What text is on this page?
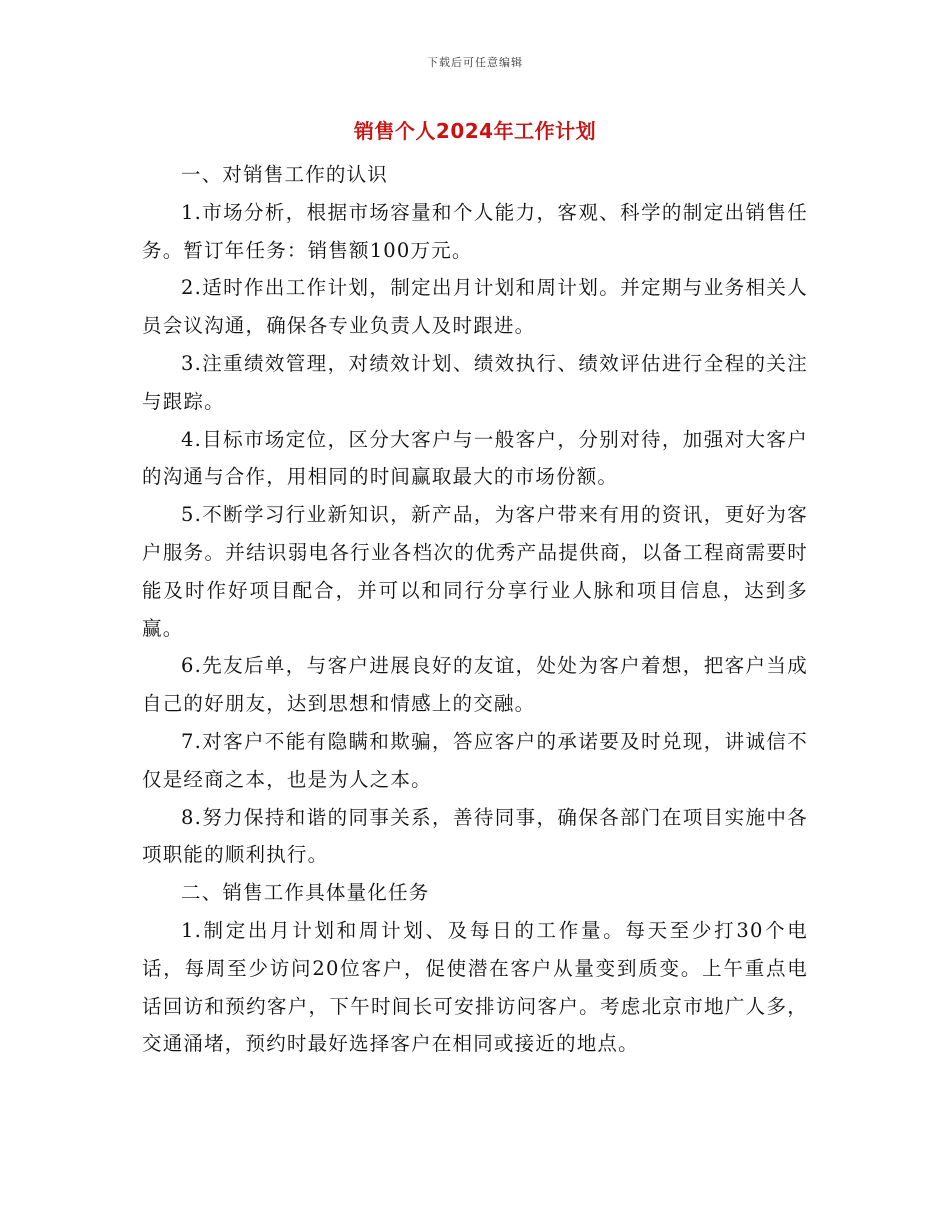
下载后可任意编辑
销售个人2024年工作计划

一、对销售工作的认识

1.市场分析，根据市场容量和个人能力，客观、科学的制定出销售任务。暂订年任务：销售额100万元。

2.适时作出工作计划，制定出月计划和周计划。并定期与业务相关人员会议沟通，确保各专业负责人及时跟进。

3.注重绩效管理，对绩效计划、绩效执行、绩效评估进行全程的关注与跟踪。

4.目标市场定位，区分大客户与一般客户，分别对待，加强对大客户的沟通与合作，用相同的时间赢取最大的市场份额。

5.不断学习行业新知识，新产品，为客户带来有用的资讯，更好为客户服务。并结识弱电各行业各档次的优秀产品提供商，以备工程商需要时能及时作好项目配合，并可以和同行分享行业人脉和项目信息，达到多赢。

6.先友后单，与客户进展良好的友谊，处处为客户着想，把客户当成自己的好朋友，达到思想和情感上的交融。

7.对客户不能有隐瞒和欺骗，答应客户的承诺要及时兑现，讲诚信不仅是经商之本，也是为人之本。

8.努力保持和谐的同事关系，善待同事，确保各部门在项目实施中各项职能的顺利执行。

二、销售工作具体量化任务

1.制定出月计划和周计划、及每日的工作量。每天至少打30个电话，每周至少访问20位客户，促使潜在客户从量变到质变。上午重点电话回访和预约客户，下午时间长可安排访问客户。考虑北京市地广人多，交通涌堵，预约时最好选择客户在相同或接近的地点。
